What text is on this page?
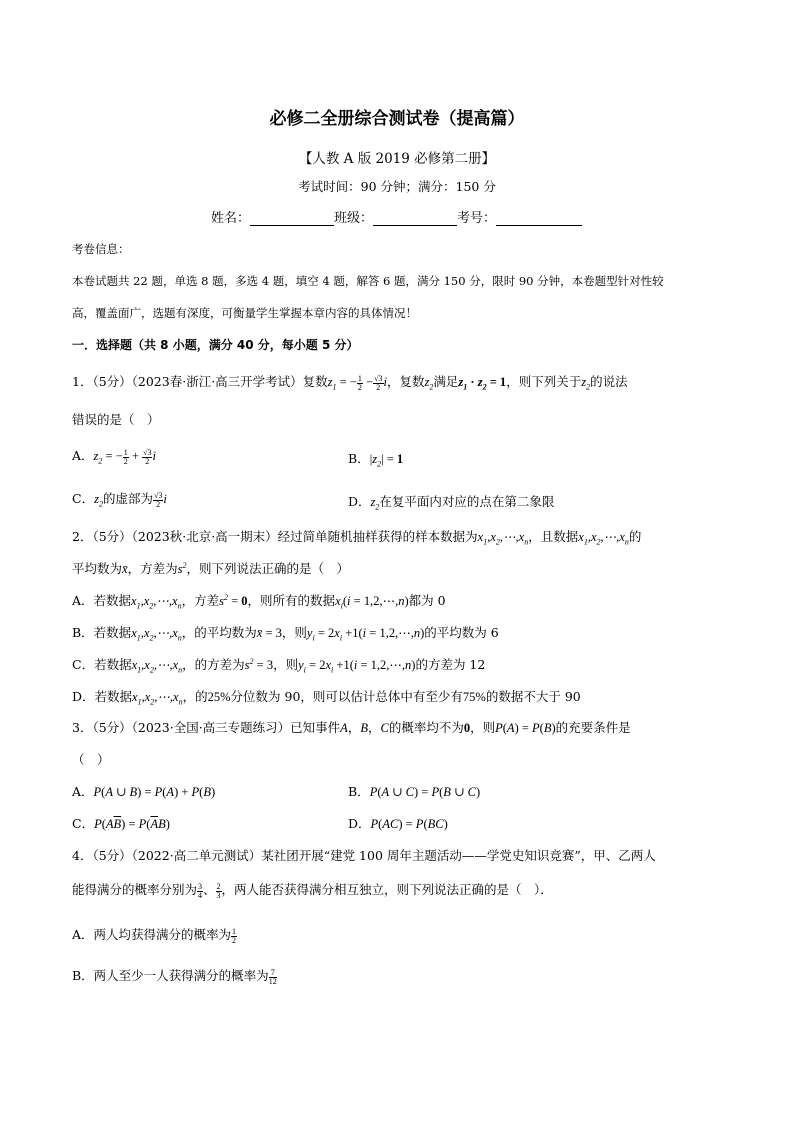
必修二全册综合测试卷（提高篇）
【人教 A 版 2019 必修第二册】
考试时间：90 分钟；满分：150 分
姓名：	班级：	考号：
考卷信息：
本卷试题共 22 题，单选 8 题，多选 4 题，填空 4 题，解答 6 题，满分 150 分，限时 90 分钟，本卷题型针对性较
高，覆盖面广，选题有深度，可衡量学生掌握本章内容的具体情况！
一．选择题（共 8 小题，满分 40 分，每小题 5 分）
1．（5分）（2023春·浙江·高三开学考试）复数$z_1$ = − $\frac{1}{2} - \frac{√3}{2}$ i，复数$z_2$满足$z_1 \cdot z_2 = 1$，则下列关于$z_2$的说法
错误的是（　）
A．$z_2$ = − $\frac{1}{2} + \frac{√3}{2}$ i	B．$|z_2| = 1$
C．$z_2$的虚部为 $\frac{√3}{2}$ i	D．$z_2$在复平面内对应的点在第二象限
2．（5分）（2023秋·北京·高一期末）经过简单随机抽样获得的样本数据为$x_1,x_2,\cdots,x_n$，且数据$x_1,x_2,\cdots,x_n$的
平均数为x̄，方差为$s^2$，则下列说法正确的是（　）
A．若数据$x_1,x_2,\cdots,x_n$，方差$s^2 = 0$，则所有的数据$x_i(i$ = 1,2,⋯,n)都为 0
B．若数据$x_1,x_2,\cdots,x_n$，的平均数为x̄ = 3，则$y_i = 2x_i +1(i$ = 1,2,⋯,n)的平均数为 6
C．若数据$x_1,x_2,\cdots,x_n$，的方差为$s^2 = 3$，则$y_i = 2x_i +1(i$ = 1,2,⋯,n)的方差为 12
D．若数据$x_1,x_2,\cdots,x_n$，的25%分位数为 90，则可以估计总体中有至少有75%的数据不大于 90
3．（5分）（2023·全国·高三专题练习）已知事件A，B，C的概率均不为0，则P(A) = P(B)的充要条件是
（　）
A．P(A ∪ B) = P(A) + P(B)	B．P(A ∪ C) = P(B ∪ C)
C．$P(A\overline{B}) = P(\overline{A}B)$	D．P(AC) = P(BC)
4．（5分）（2022·高二单元测试）某社团开展“建党 100 周年主题活动——学党史知识竞赛”，甲、乙两人
能得满分的概率分别为 $\frac{3}{4}$ 、 $\frac{2}{3}$ ，两人能否获得满分相互独立，则下列说法正确的是（　）．
A．两人均获得满分的概率为 $\frac{1}{2}$
B．两人至少一人获得满分的概率为 $\frac{7}{12}$
